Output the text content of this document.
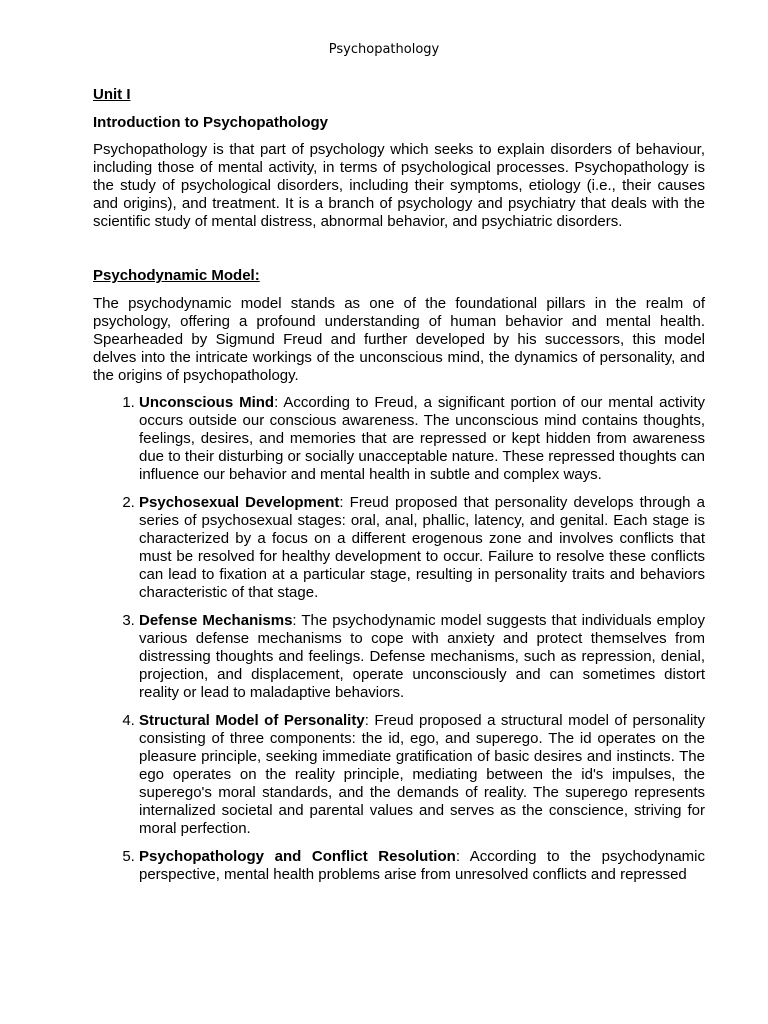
Psychopathology
Unit I
Introduction to Psychopathology

Psychopathology is that part of psychology which seeks to explain disorders of behaviour, including those of mental activity, in terms of psychological processes. Psychopathology is the study of psychological disorders, including their symptoms, etiology (i.e., their causes and origins), and treatment. It is a branch of psychology and psychiatry that deals with the scientific study of mental distress, abnormal behavior, and psychiatric disorders.

Psychodynamic Model:

The psychodynamic model stands as one of the foundational pillars in the realm of psychology, offering a profound understanding of human behavior and mental health. Spearheaded by Sigmund Freud and further developed by his successors, this model delves into the intricate workings of the unconscious mind, the dynamics of personality, and the origins of psychopathology.

1. Unconscious Mind: According to Freud, a significant portion of our mental activity occurs outside our conscious awareness. The unconscious mind contains thoughts, feelings, desires, and memories that are repressed or kept hidden from awareness due to their disturbing or socially unacceptable nature. These repressed thoughts can influence our behavior and mental health in subtle and complex ways.
2. Psychosexual Development: Freud proposed that personality develops through a series of psychosexual stages: oral, anal, phallic, latency, and genital. Each stage is characterized by a focus on a different erogenous zone and involves conflicts that must be resolved for healthy development to occur. Failure to resolve these conflicts can lead to fixation at a particular stage, resulting in personality traits and behaviors characteristic of that stage.
3. Defense Mechanisms: The psychodynamic model suggests that individuals employ various defense mechanisms to cope with anxiety and protect themselves from distressing thoughts and feelings. Defense mechanisms, such as repression, denial, projection, and displacement, operate unconsciously and can sometimes distort reality or lead to maladaptive behaviors.
4. Structural Model of Personality: Freud proposed a structural model of personality consisting of three components: the id, ego, and superego. The id operates on the pleasure principle, seeking immediate gratification of basic desires and instincts. The ego operates on the reality principle, mediating between the id's impulses, the superego's moral standards, and the demands of reality. The superego represents internalized societal and parental values and serves as the conscience, striving for moral perfection.
5. Psychopathology and Conflict Resolution: According to the psychodynamic perspective, mental health problems arise from unresolved conflicts and repressed
